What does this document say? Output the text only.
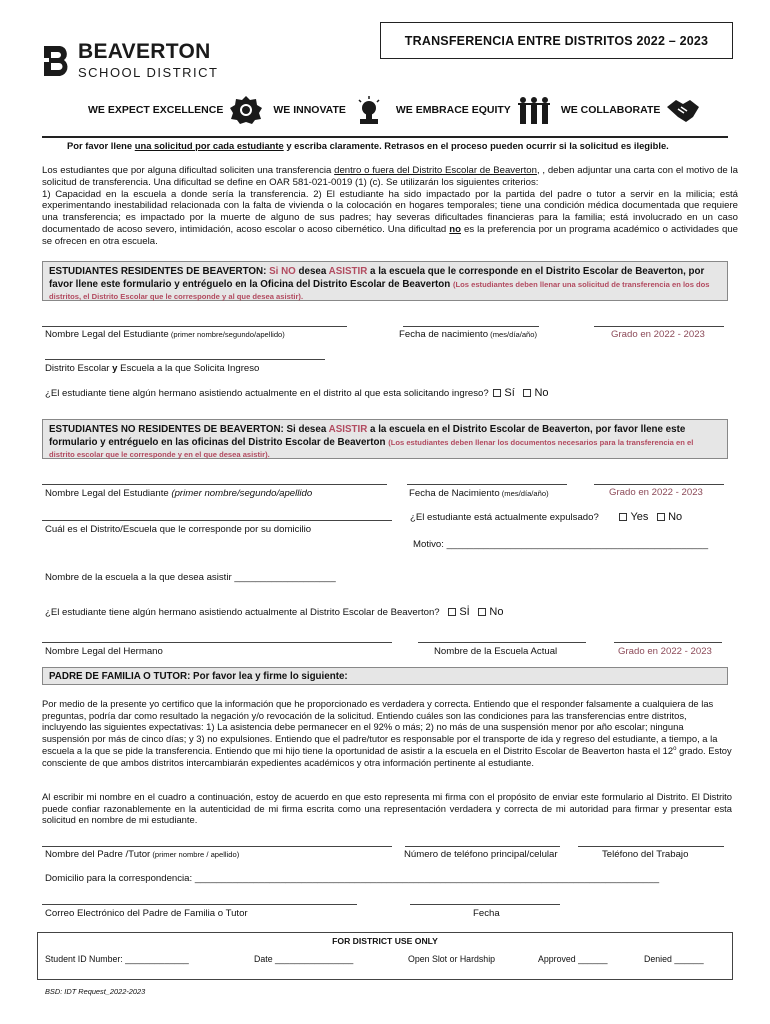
TRANSFERENCIA ENTRE DISTRITOS 2022 – 2023
BEAVERTON
SCHOOL DISTRICT
WE EXPECT EXCELLENCE	WE INNOVATE	WE EMBRACE EQUITY	WE COLLABORATE
Por favor llene una solicitud por cada estudiante y escriba claramente. Retrasos en el proceso pueden ocurrir si la solicitud es ilegible.
Los estudiantes que por alguna dificultad soliciten una transferencia dentro o fuera del Distrito Escolar de Beaverton, , deben adjuntar una carta con el motivo de la solicitud de transferencia. Una dificultad se define en OAR 581-021-0019 (1) (c). Se utilizarán los siguientes criterios:
1) Capacidad en la escuela a donde sería la transferencia. 2) El estudiante ha sido impactado por la partida del padre o tutor a servir en la milicia; está experimentando inestabilidad relacionada con la falta de vivienda o la colocación en hogares temporales; tiene una condición médica documentada que requiere una transferencia; es impactado por la muerte de alguno de sus padres; hay severas dificultades financieras para la familia; está involucrado en un caso documentado de acoso severo, intimidación, acoso escolar o acoso cibernético. Una dificultad no es la preferencia por un programa académico o actividades que se ofrecen en otra escuela.
ESTUDIANTES RESIDENTES DE BEAVERTON: Si NO desea ASISTIR a la escuela que le corresponde en el Distrito Escolar de Beaverton, por favor llene este formulario y entréguelo en la Oficina del Distrito Escolar de Beaverton (Los estudiantes deben llenar una solicitud de transferencia en los dos distritos, el Distrito Escolar que le corresponde y al que desea asistir).
Nombre Legal del Estudiante (primer nombre/segundo/apellido)	Fecha de nacimiento (mes/día/año)	Grado en 2022 - 2023
Distrito Escolar y Escuela a la que Solicita Ingreso
¿El estudiante tiene algún hermano asistiendo actualmente en el distrito al que esta solicitando ingreso? Sí No
ESTUDIANTES NO RESIDENTES DE BEAVERTON: Si desea ASISTIR a la escuela en el Distrito Escolar de Beaverton, por favor llene este formulario y entréguelo en las oficinas del Distrito Escolar de Beaverton (Los estudiantes deben llenar los documentos necesarios para la transferencia en el distrito escolar que le corresponde y en el que desea asistir).
Nombre Legal del Estudiante (primer nombre/segundo/apellido	Fecha de Nacimiento (mes/día/año)	Grado en 2022 - 2023
Cuál es el Distrito/Escuela que le corresponde por su domicilio
¿El estudiante está actualmente expulsado?	Yes No
Motivo: _________________________________________________
Nombre de la escuela a la que desea asistir ___________________
¿El estudiante tiene algún hermano asistiendo actualmente al Distrito Escolar de Beaverton? Sİ No
Nombre Legal del Hermano	Nombre de la Escuela Actual	Grado en 2022 - 2023
PADRE DE FAMILIA O TUTOR: Por favor lea y firme lo siguiente:
Por medio de la presente yo certifico que la información que he proporcionado es verdadera y correcta. Entiendo que el responder falsamente a cualquiera de las preguntas, podría dar como resultado la negación y/o revocación de la solicitud. Entiendo cuáles son las condiciones para las transferencias entre distritos, incluyendo las siguientes expectativas: 1) La asistencia debe permanecer en el 92% o más; 2) no más de una suspensión menor por año escolar; ninguna suspensión por más de cinco días; y 3) no expulsiones. Entiendo que el padre/tutor es responsable por el transporte de ida y regreso del estudiante, a tiempo, a la escuela a la que se pide la transferencia. Entiendo que mi hijo tiene la oportunidad de asistir a la escuela en el Distrito Escolar de Beaverton hasta el 12$^o$ grado. Estoy consciente de que ambos distritos intercambiarán expedientes académicos y otra información pertinente al estudiante.
Al escribir mi nombre en el cuadro a continuación, estoy de acuerdo en que esto representa mi firma con el propósito de enviar este formulario al Distrito. El Distrito puede confiar razonablemente en la autenticidad de mi firma escrita como una representación verdadera y correcta de mi autoridad para firmar y presentar esta solicitud en nombre de mi estudiante.
Nombre del Padre /Tutor (primer nombre / apellido)	Número de teléfono principal/celular	Teléfono del Trabajo
Domicilio para la correspondencia: _______________________________________________________________________________________
Correo Electrónico del Padre de Familia o Tutor	Fecha
FOR DISTRICT USE ONLY
Student ID Number: _____________	Date ________________	Open Slot or Hardship	Approved ______	Denied ______
BSD: IDT Request_2022-2023
